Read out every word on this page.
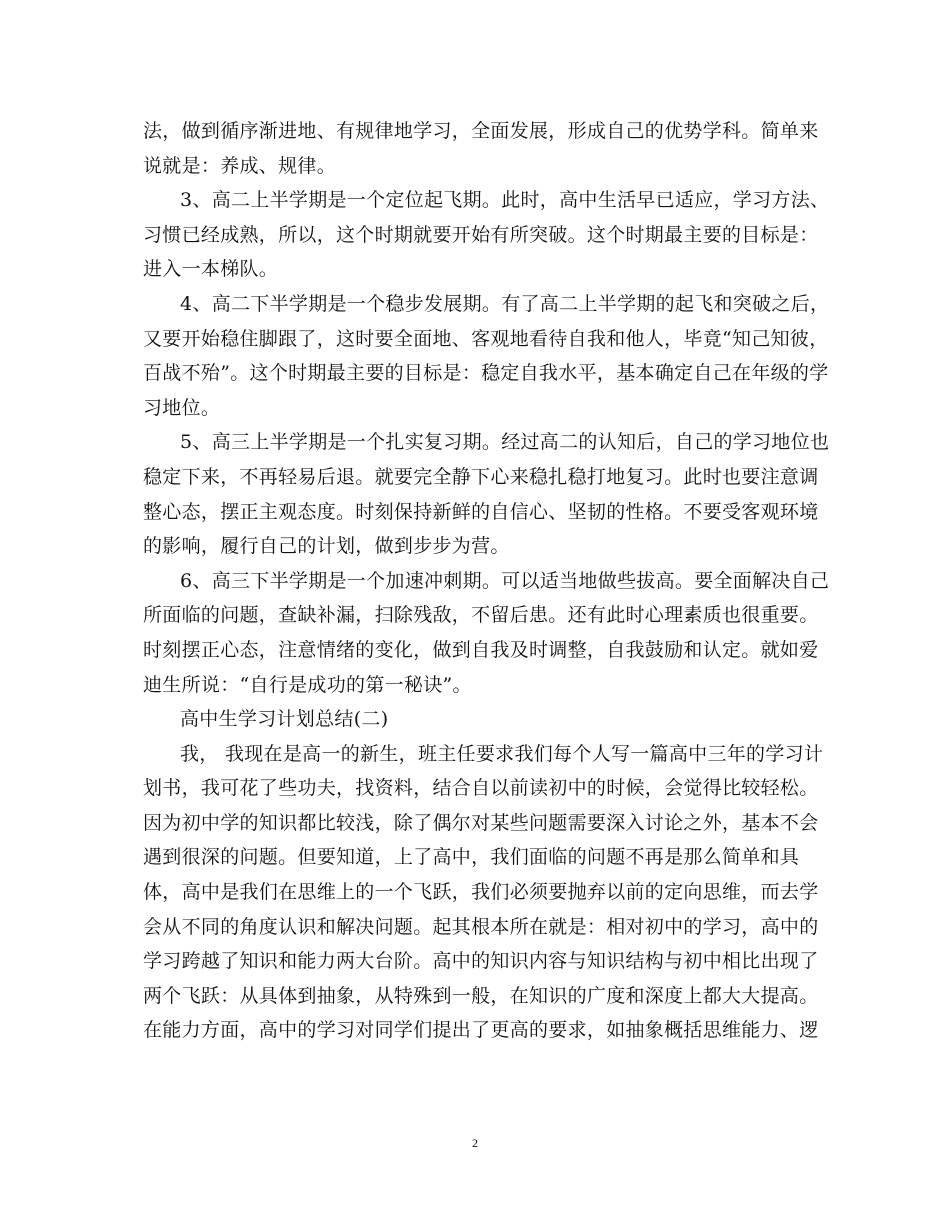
法，做到循序渐进地、有规律地学习，全面发展，形成自己的优势学科。简单来
说就是：养成、规律。
3、高二上半学期是一个定位起飞期。此时，高中生活早已适应，学习方法、
习惯已经成熟，所以，这个时期就要开始有所突破。这个时期最主要的目标是：
进入一本梯队。
4、高二下半学期是一个稳步发展期。有了高二上半学期的起飞和突破之后，
又要开始稳住脚跟了，这时要全面地、客观地看待自我和他人，毕竟“知己知彼，
百战不殆”。这个时期最主要的目标是：稳定自我水平，基本确定自己在年级的学
习地位。
5、高三上半学期是一个扎实复习期。经过高二的认知后，自己的学习地位也
稳定下来，不再轻易后退。就要完全静下心来稳扎稳打地复习。此时也要注意调
整心态，摆正主观态度。时刻保持新鲜的自信心、坚韧的性格。不要受客观环境
的影响，履行自己的计划，做到步步为营。
6、高三下半学期是一个加速冲刺期。可以适当地做些拔高。要全面解决自己
所面临的问题，查缺补漏，扫除残敌，不留后患。还有此时心理素质也很重要。
时刻摆正心态，注意情绪的变化，做到自我及时调整，自我鼓励和认定。就如爱
迪生所说：“自行是成功的第一秘诀”。
高中生学习计划总结(二)
我， 我现在是高一的新生，班主任要求我们每个人写一篇高中三年的学习计
划书，我可花了些功夫，找资料，结合自以前读初中的时候，会觉得比较轻松。
因为初中学的知识都比较浅，除了偶尔对某些问题需要深入讨论之外，基本不会
遇到很深的问题。但要知道，上了高中，我们面临的问题不再是那么简单和具
体，高中是我们在思维上的一个飞跃，我们必须要抛弃以前的定向思维，而去学
会从不同的角度认识和解决问题。起其根本所在就是：相对初中的学习，高中的
学习跨越了知识和能力两大台阶。高中的知识内容与知识结构与初中相比出现了
两个飞跃：从具体到抽象，从特殊到一般，在知识的广度和深度上都大大提高。
在能力方面，高中的学习对同学们提出了更高的要求，如抽象概括思维能力、逻
2
